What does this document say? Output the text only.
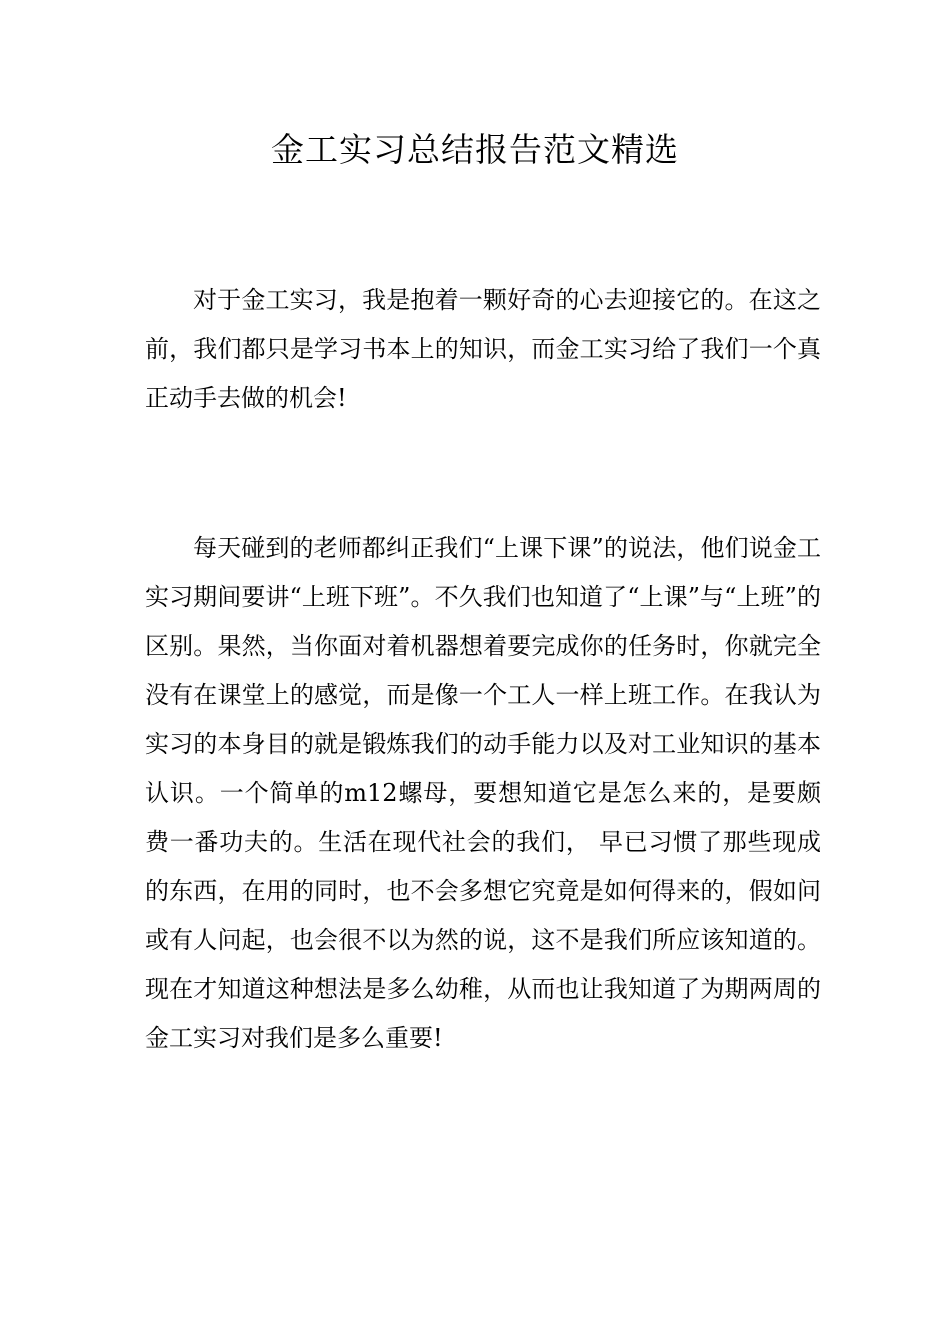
金工实习总结报告范文精选

对于金工实习，我是抱着一颗好奇的心去迎接它的。在这之前，我们都只是学习书本上的知识，而金工实习给了我们一个真正动手去做的机会!

每天碰到的老师都纠正我们“上课下课”的说法，他们说金工实习期间要讲“上班下班”。不久我们也知道了“上课”与“上班”的区别。果然，当你面对着机器想着要完成你的任务时，你就完全没有在课堂上的感觉，而是像一个工人一样上班工作。在我认为实习的本身目的就是锻炼我们的动手能力以及对工业知识的基本认识。一个简单的m12螺母，要想知道它是怎么来的，是要颇费一番功夫的。生活在现代社会的我们， 早已习惯了那些现成的东西，在用的同时，也不会多想它究竟是如何得来的，假如问或有人问起，也会很不以为然的说，这不是我们所应该知道的。现在才知道这种想法是多么幼稚，从而也让我知道了为期两周的金工实习对我们是多么重要!
